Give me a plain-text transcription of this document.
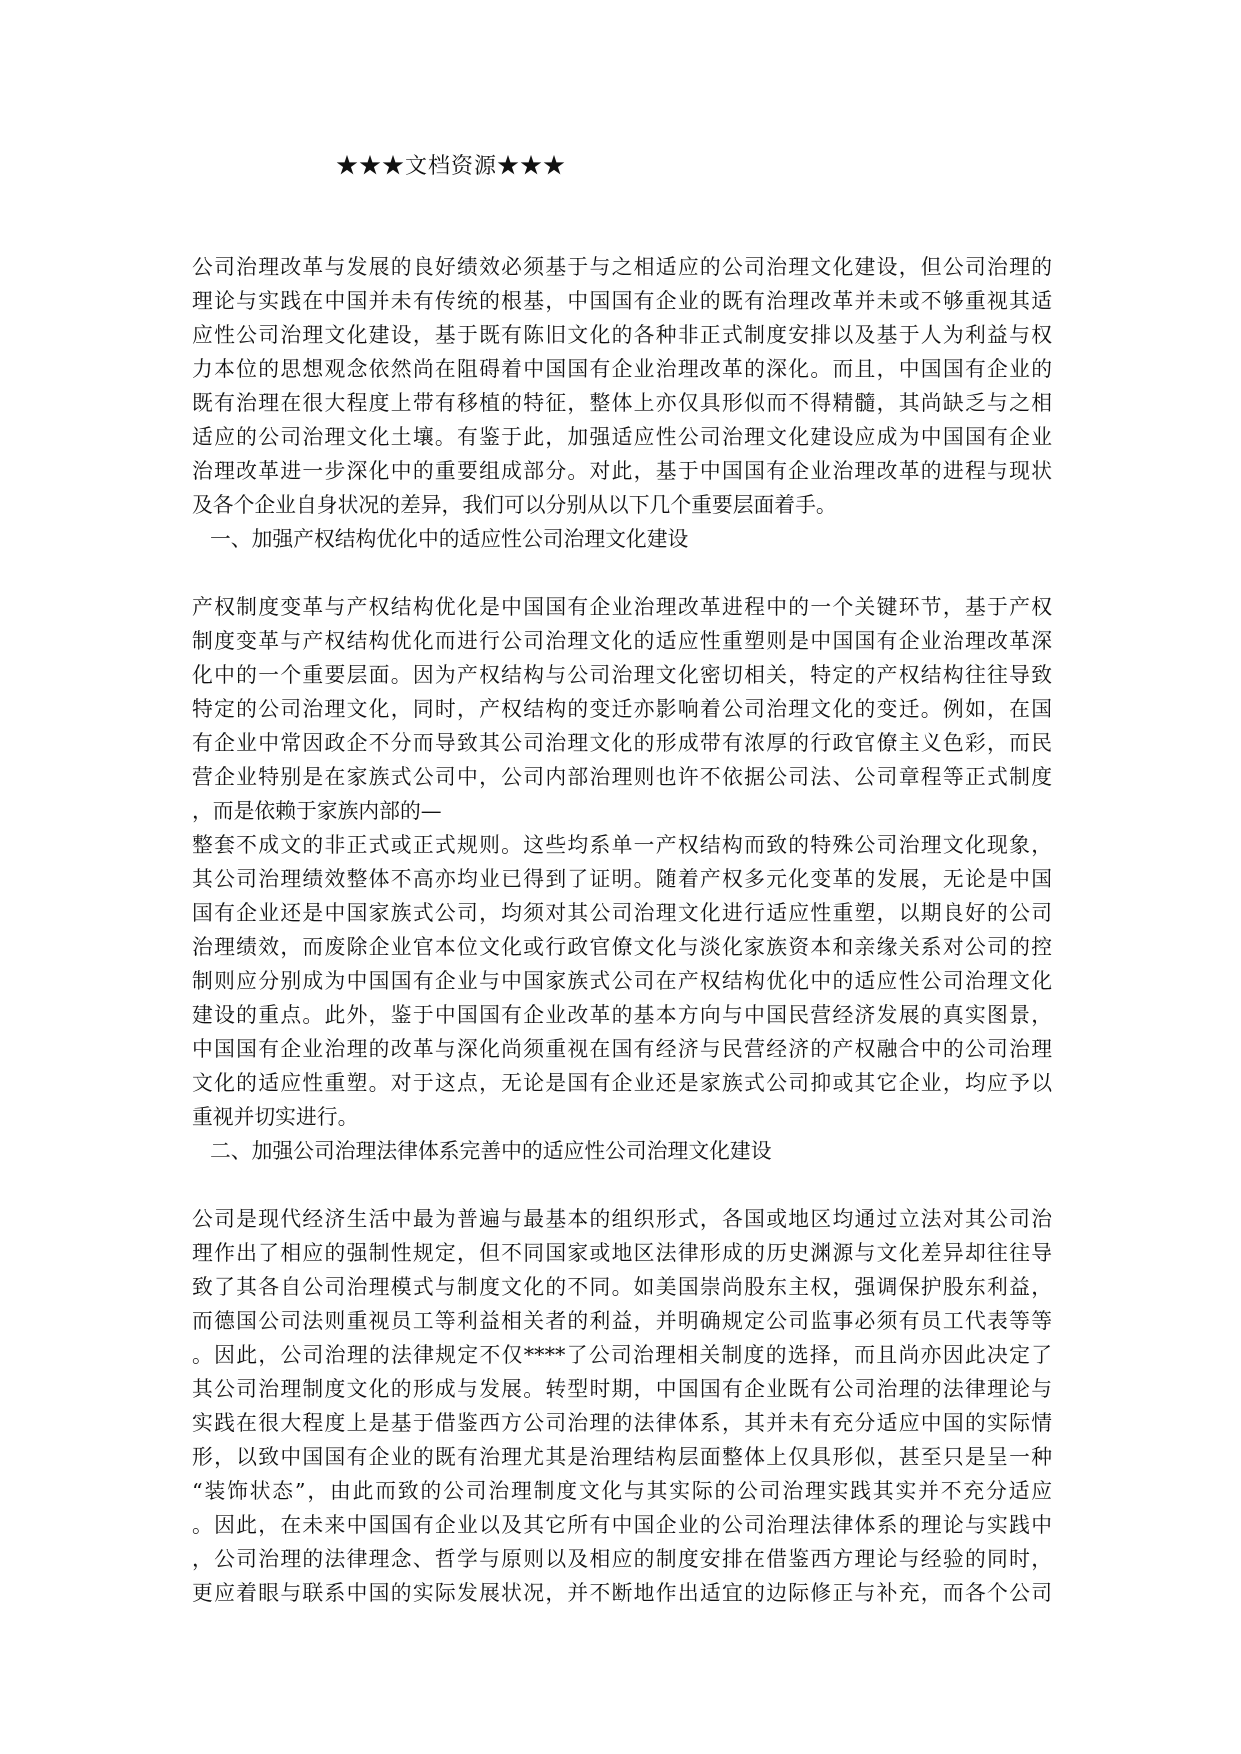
★★★文档资源★★★
公司治理改革与发展的良好绩效必须基于与之相适应的公司治理文化建设，但公司治理的
理论与实践在中国并未有传统的根基，中国国有企业的既有治理改革并未或不够重视其适
应性公司治理文化建设，基于既有陈旧文化的各种非正式制度安排以及基于人为利益与权
力本位的思想观念依然尚在阻碍着中国国有企业治理改革的深化。而且，中国国有企业的
既有治理在很大程度上带有移植的特征，整体上亦仅具形似而不得精髓，其尚缺乏与之相
适应的公司治理文化土壤。有鉴于此，加强适应性公司治理文化建设应成为中国国有企业
治理改革进一步深化中的重要组成部分。对此，基于中国国有企业治理改革的进程与现状
及各个企业自身状况的差异，我们可以分别从以下几个重要层面着手。
一、加强产权结构优化中的适应性公司治理文化建设
产权制度变革与产权结构优化是中国国有企业治理改革进程中的一个关键环节，基于产权
制度变革与产权结构优化而进行公司治理文化的适应性重塑则是中国国有企业治理改革深
化中的一个重要层面。因为产权结构与公司治理文化密切相关，特定的产权结构往往导致
特定的公司治理文化，同时，产权结构的变迁亦影响着公司治理文化的变迁。例如，在国
有企业中常因政企不分而导致其公司治理文化的形成带有浓厚的行政官僚主义色彩，而民
营企业特别是在家族式公司中，公司内部治理则也许不依据公司法、公司章程等正式制度
，而是依赖于家族内部的—
整套不成文的非正式或正式规则。这些均系单一产权结构而致的特殊公司治理文化现象，
其公司治理绩效整体不高亦均业已得到了证明。随着产权多元化变革的发展，无论是中国
国有企业还是中国家族式公司，均须对其公司治理文化进行适应性重塑，以期良好的公司
治理绩效，而废除企业官本位文化或行政官僚文化与淡化家族资本和亲缘关系对公司的控
制则应分别成为中国国有企业与中国家族式公司在产权结构优化中的适应性公司治理文化
建设的重点。此外，鉴于中国国有企业改革的基本方向与中国民营经济发展的真实图景，
中国国有企业治理的改革与深化尚须重视在国有经济与民营经济的产权融合中的公司治理
文化的适应性重塑。对于这点，无论是国有企业还是家族式公司抑或其它企业，均应予以
重视并切实进行。
二、加强公司治理法律体系完善中的适应性公司治理文化建设
公司是现代经济生活中最为普遍与最基本的组织形式，各国或地区均通过立法对其公司治
理作出了相应的强制性规定，但不同国家或地区法律形成的历史渊源与文化差异却往往导
致了其各自公司治理模式与制度文化的不同。如美国崇尚股东主权，强调保护股东利益，
而德国公司法则重视员工等利益相关者的利益，并明确规定公司监事必须有员工代表等等
。因此，公司治理的法律规定不仅****了公司治理相关制度的选择，而且尚亦因此决定了
其公司治理制度文化的形成与发展。转型时期，中国国有企业既有公司治理的法律理论与
实践在很大程度上是基于借鉴西方公司治理的法律体系，其并未有充分适应中国的实际情
形，以致中国国有企业的既有治理尤其是治理结构层面整体上仅具形似，甚至只是呈一种
“装饰状态”，由此而致的公司治理制度文化与其实际的公司治理实践其实并不充分适应
。因此，在未来中国国有企业以及其它所有中国企业的公司治理法律体系的理论与实践中
，公司治理的法律理念、哲学与原则以及相应的制度安排在借鉴西方理论与经验的同时，
更应着眼与联系中国的实际发展状况，并不断地作出适宜的边际修正与补充，而各个公司
